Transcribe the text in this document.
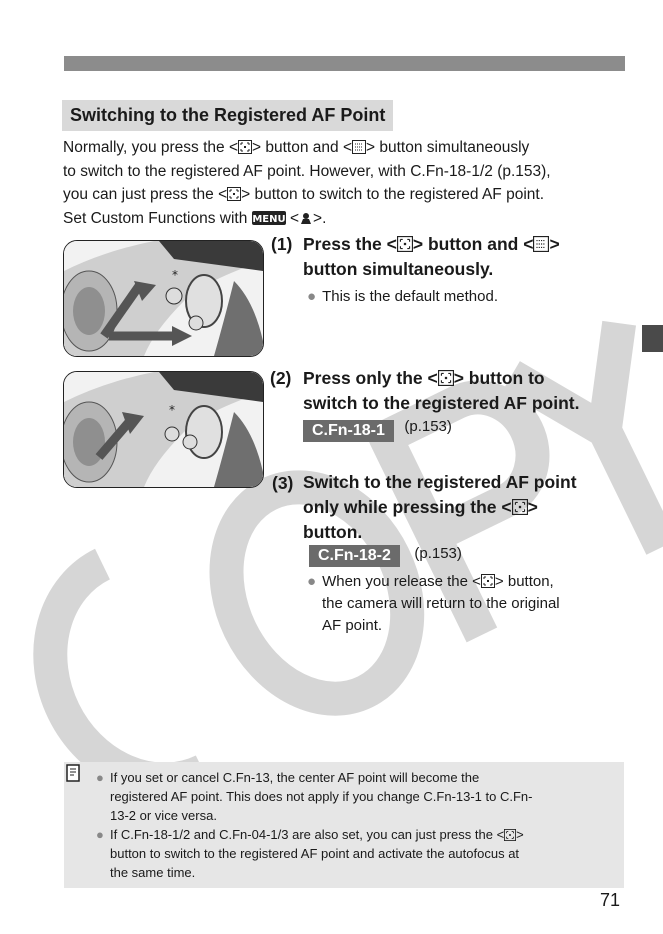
Switching to the Registered AF Point

Normally, you press the < > button and < > button simultaneously

to switch to the registered AF point. However, with C.Fn-18-1/2 (p.153),

you can just press the < > button to switch to the registered AF point.

Set Custom Functions with MENU < >.

*
(1) Press the < > button and < >
button simultaneously.
● This is the default method.
*
(2) Press only the < > button to
switch to the registered AF point.
C.Fn-18-1 (p.153)
(3) Switch to the registered AF point
only while pressing the < >
button.
C.Fn-18-2 (p.153)
● When you release the < > button,
the camera will return to the original
AF point.
● If you set or cancel C.Fn-13, the center AF point will become the
registered AF point. This does not apply if you change C.Fn-13-1 to C.Fn-
13-2 or vice versa.
● If C.Fn-18-1/2 and C.Fn-04-1/3 are also set, you can just press the < >
button to switch to the registered AF point and activate the autofocus at
the same time.
71
